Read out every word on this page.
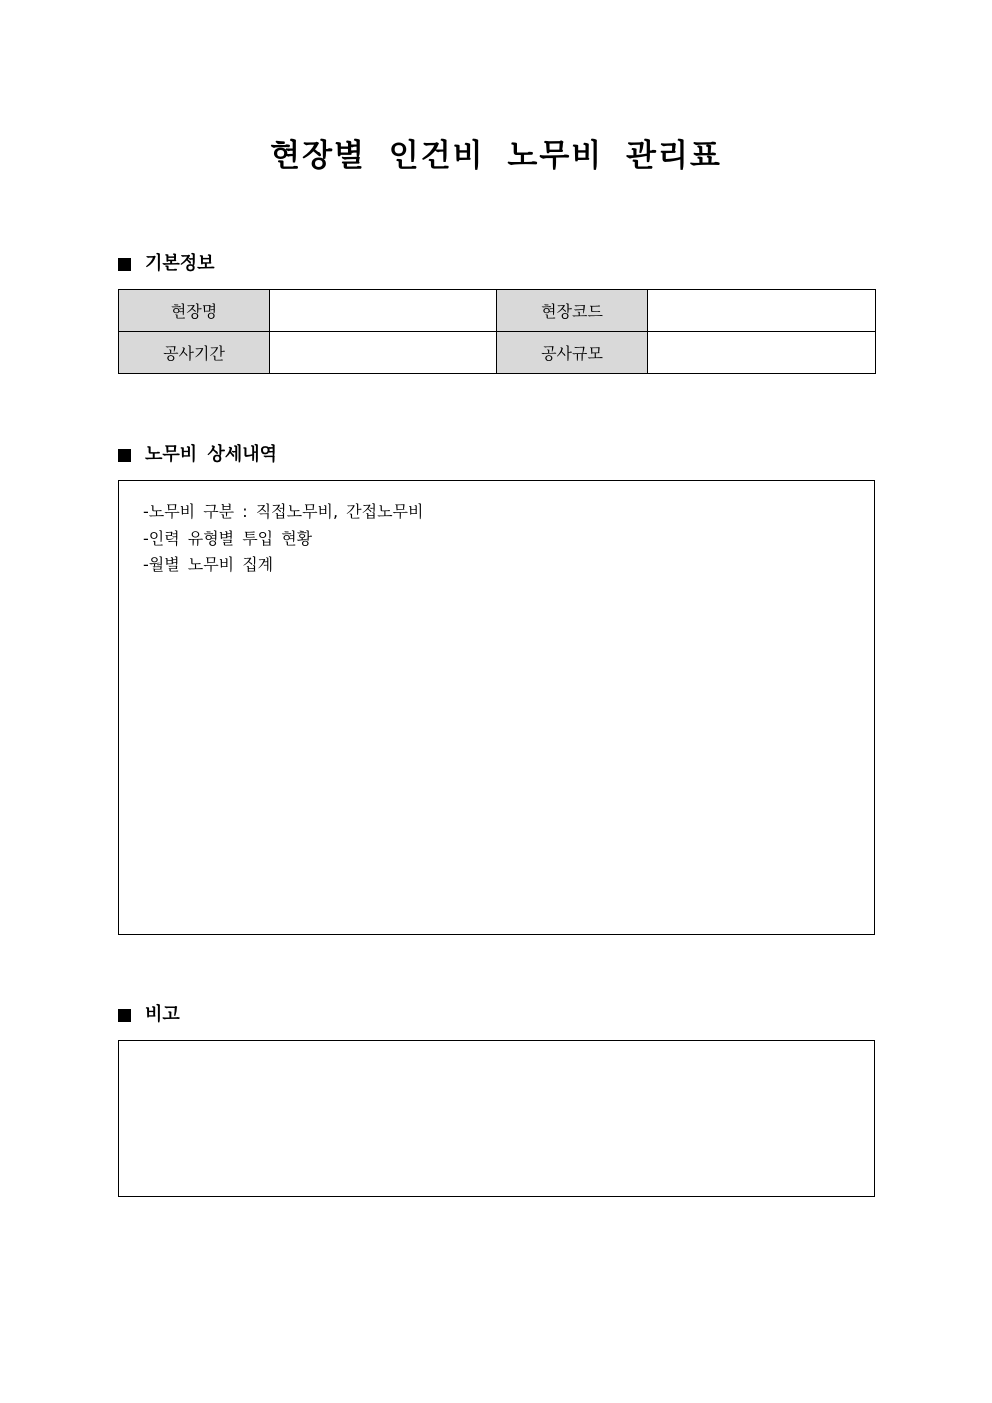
현장별 인건비 노무비 관리표
기본정보
현장명		현장코드	
공사기간		공사규모	
노무비 상세내역
-노무비 구분 : 직접노무비, 간접노무비
-인력 유형별 투입 현황
-월별 노무비 집계
비고
